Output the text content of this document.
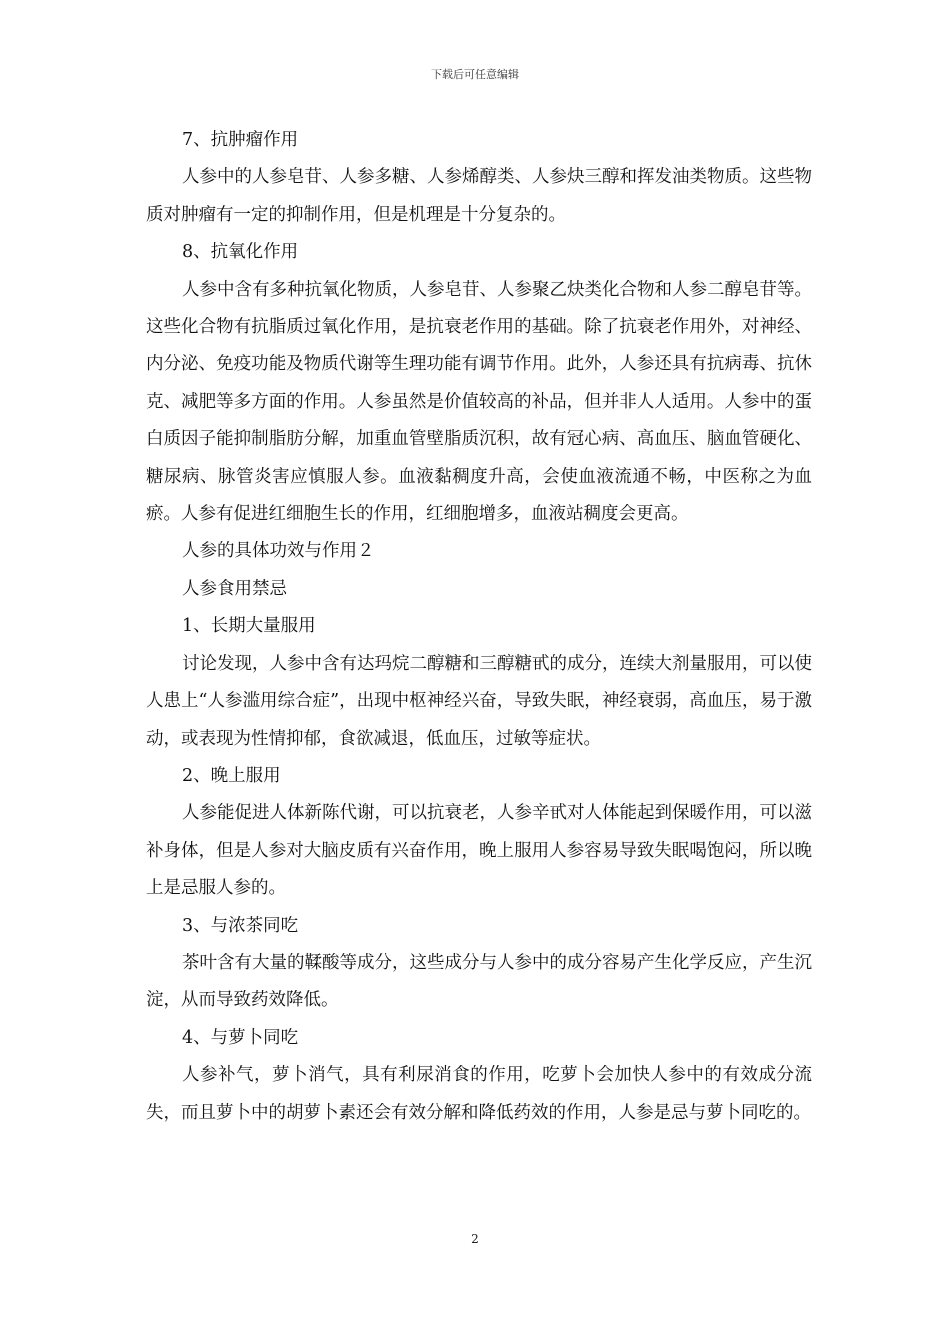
下载后可任意编辑

7、抗肿瘤作用

人参中的人参皂苷、人参多糖、人参烯醇类、人参炔三醇和挥发油类物质。这些物质对肿瘤有一定的抑制作用，但是机理是十分复杂的。

8、抗氧化作用

人参中含有多种抗氧化物质，人参皂苷、人参聚乙炔类化合物和人参二醇皂苷等。这些化合物有抗脂质过氧化作用，是抗衰老作用的基础。除了抗衰老作用外，对神经、内分泌、免疫功能及物质代谢等生理功能有调节作用。此外，人参还具有抗病毒、抗休克、减肥等多方面的作用。人参虽然是价值较高的补品，但并非人人适用。人参中的蛋白质因子能抑制脂肪分解，加重血管壁脂质沉积，故有冠心病、高血压、脑血管硬化、糖尿病、脉管炎害应慎服人参。血液黏稠度升高，会使血液流通不畅，中医称之为血瘀。人参有促进红细胞生长的作用，红细胞增多，血液站稠度会更高。

人参的具体功效与作用２

人参食用禁忌

1、长期大量服用

讨论发现，人参中含有达玛烷二醇糖和三醇糖甙的成分，连续大剂量服用，可以使人患上“人参滥用综合症”，出现中枢神经兴奋，导致失眠，神经衰弱，高血压，易于激动，或表现为性情抑郁，食欲减退，低血压，过敏等症状。

2、晚上服用

人参能促进人体新陈代谢，可以抗衰老，人参辛甙对人体能起到保暖作用，可以滋补身体，但是人参对大脑皮质有兴奋作用，晚上服用人参容易导致失眠喝饱闷，所以晚上是忌服人参的。

3、与浓茶同吃

茶叶含有大量的鞣酸等成分，这些成分与人参中的成分容易产生化学反应，产生沉淀，从而导致药效降低。

4、与萝卜同吃

人参补气，萝卜消气，具有利尿消食的作用，吃萝卜会加快人参中的有效成分流失，而且萝卜中的胡萝卜素还会有效分解和降低药效的作用，人参是忌与萝卜同吃的。

2
